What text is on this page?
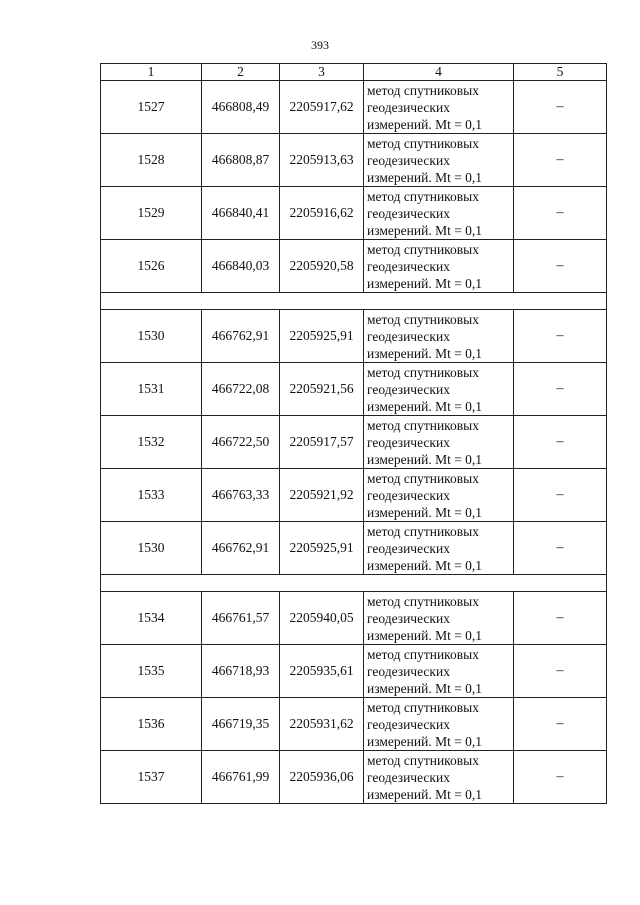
393
1	2	3	4	5
1527	466808,49	2205917,62	метод спутниковых
геодезических
измерений. Mt = 0,1	–
1528	466808,87	2205913,63	метод спутниковых
геодезических
измерений. Mt = 0,1	–
1529	466840,41	2205916,62	метод спутниковых
геодезических
измерений. Mt = 0,1	–
1526	466840,03	2205920,58	метод спутниковых
геодезических
измерений. Mt = 0,1	–

1530	466762,91	2205925,91	метод спутниковых
геодезических
измерений. Mt = 0,1	–
1531	466722,08	2205921,56	метод спутниковых
геодезических
измерений. Mt = 0,1	–
1532	466722,50	2205917,57	метод спутниковых
геодезических
измерений. Mt = 0,1	–
1533	466763,33	2205921,92	метод спутниковых
геодезических
измерений. Mt = 0,1	–
1530	466762,91	2205925,91	метод спутниковых
геодезических
измерений. Mt = 0,1	–

1534	466761,57	2205940,05	метод спутниковых
геодезических
измерений. Mt = 0,1	–
1535	466718,93	2205935,61	метод спутниковых
геодезических
измерений. Mt = 0,1	–
1536	466719,35	2205931,62	метод спутниковых
геодезических
измерений. Mt = 0,1	–
1537	466761,99	2205936,06	метод спутниковых
геодезических
измерений. Mt = 0,1	–
